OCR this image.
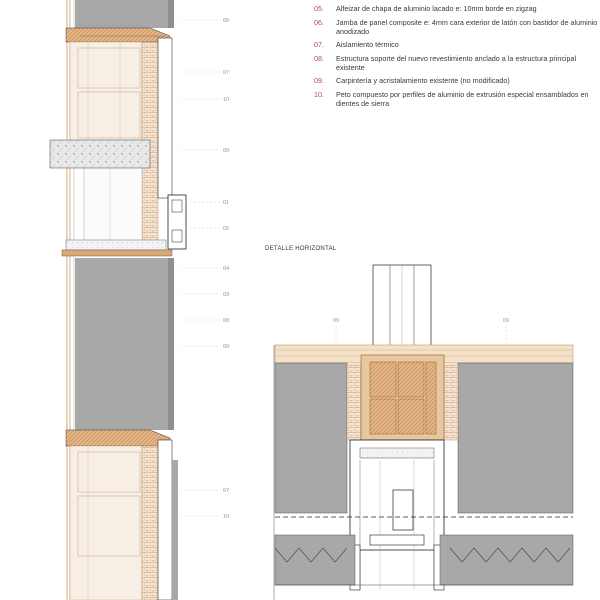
05
07
10
09
01
02
04
03
08
09
07
10
09	09
05.	Alfeizar de chapa de aluminio lacado e: 10mm borde en zigzag
06.	Jamba de panel composite e: 4mm cara exterior de latón con bastidor de aluminio anodizado
07.	Aislamiento térmico
08.	Estructura soporte del nuevo revestimiento anclado a la estructura principal existente
09.	Carpintería y acristalamiento existente (no modificado)
10.	Peto compuesto por perfiles de aluminio de extrusión especial ensamblados en dientes de sierra
DETALLE HORIZONTAL
